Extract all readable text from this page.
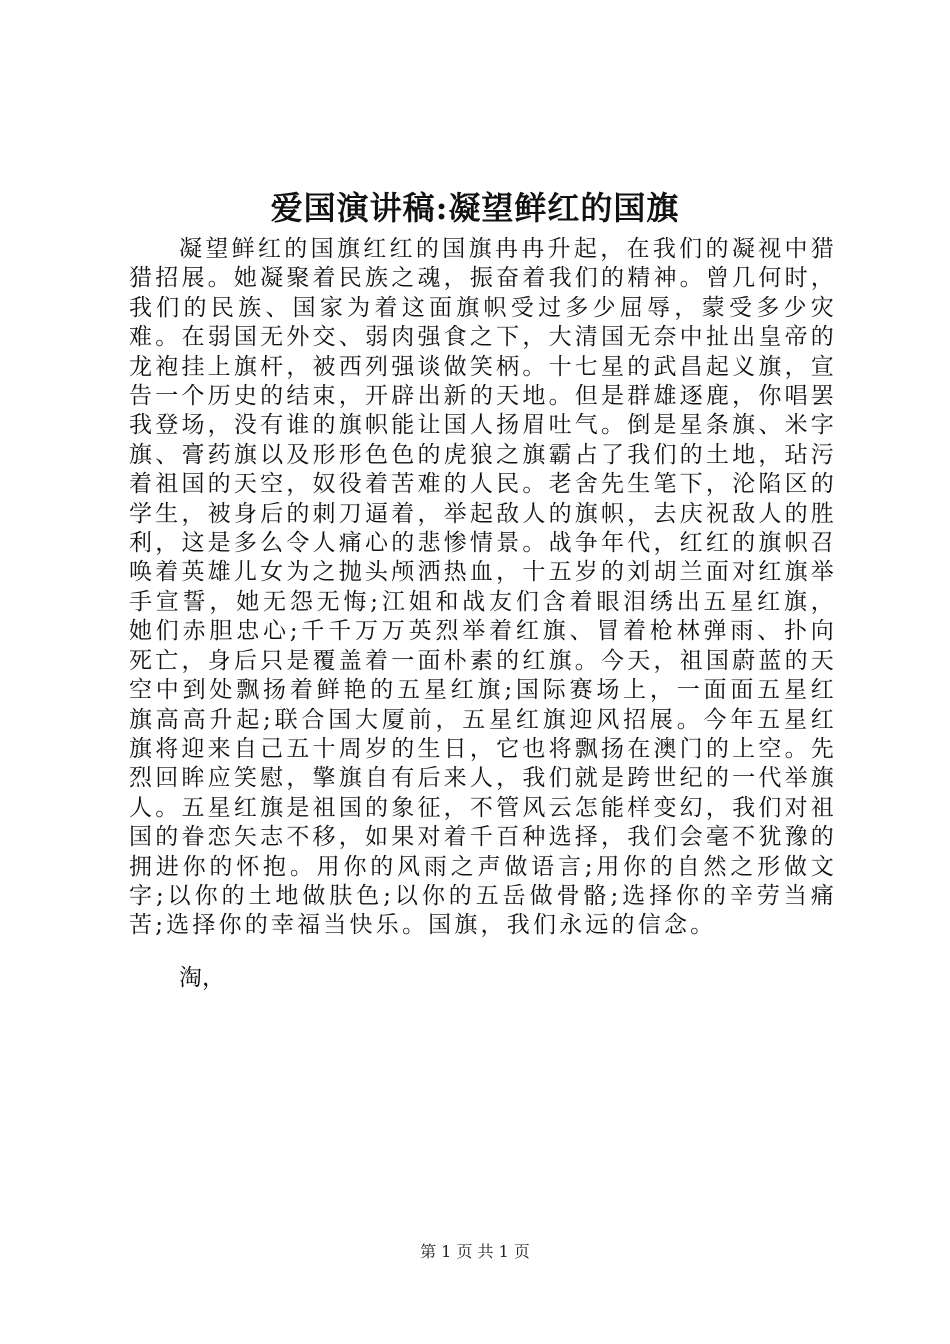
爱国演讲稿:凝望鲜红的国旗

凝望鲜红的国旗红红的国旗冉冉升起，在我们的凝视中猎猎招展。她凝聚着民族之魂，振奋着我们的精神。曾几何时，我们的民族、国家为着这面旗帜受过多少屈辱，蒙受多少灾难。在弱国无外交、弱肉强食之下，大清国无奈中扯出皇帝的龙袍挂上旗杆，被西列强谈做笑柄。十七星的武昌起义旗，宣告一个历史的结束，开辟出新的天地。但是群雄逐鹿，你唱罢我登场，没有谁的旗帜能让国人扬眉吐气。倒是星条旗、米字旗、膏药旗以及形形色色的虎狼之旗霸占了我们的土地，玷污着祖国的天空，奴役着苦难的人民。老舍先生笔下，沦陷区的学生，被身后的刺刀逼着，举起敌人的旗帜，去庆祝敌人的胜利，这是多么令人痛心的悲惨情景。战争年代，红红的旗帜召唤着英雄儿女为之抛头颅洒热血，十五岁的刘胡兰面对红旗举手宣誓，她无怨无悔;江姐和战友们含着眼泪绣出五星红旗，她们赤胆忠心;千千万万英烈举着红旗、冒着枪林弹雨、扑向死亡，身后只是覆盖着一面朴素的红旗。今天，祖国蔚蓝的天空中到处飘扬着鲜艳的五星红旗;国际赛场上，一面面五星红旗高高升起;联合国大厦前，五星红旗迎风招展。今年五星红旗将迎来自己五十周岁的生日，它也将飘扬在澳门的上空。先烈回眸应笑慰，擎旗自有后来人，我们就是跨世纪的一代举旗人。五星红旗是祖国的象征，不管风云怎能样变幻，我们对祖国的眷恋矢志不移，如果对着千百种选择，我们会毫不犹豫的拥进你的怀抱。用你的风雨之声做语言;用你的自然之形做文字;以你的土地做肤色;以你的五岳做骨骼;选择你的辛劳当痛苦;选择你的幸福当快乐。国旗，我们永远的信念。

淘，

第 1 页 共 1 页
